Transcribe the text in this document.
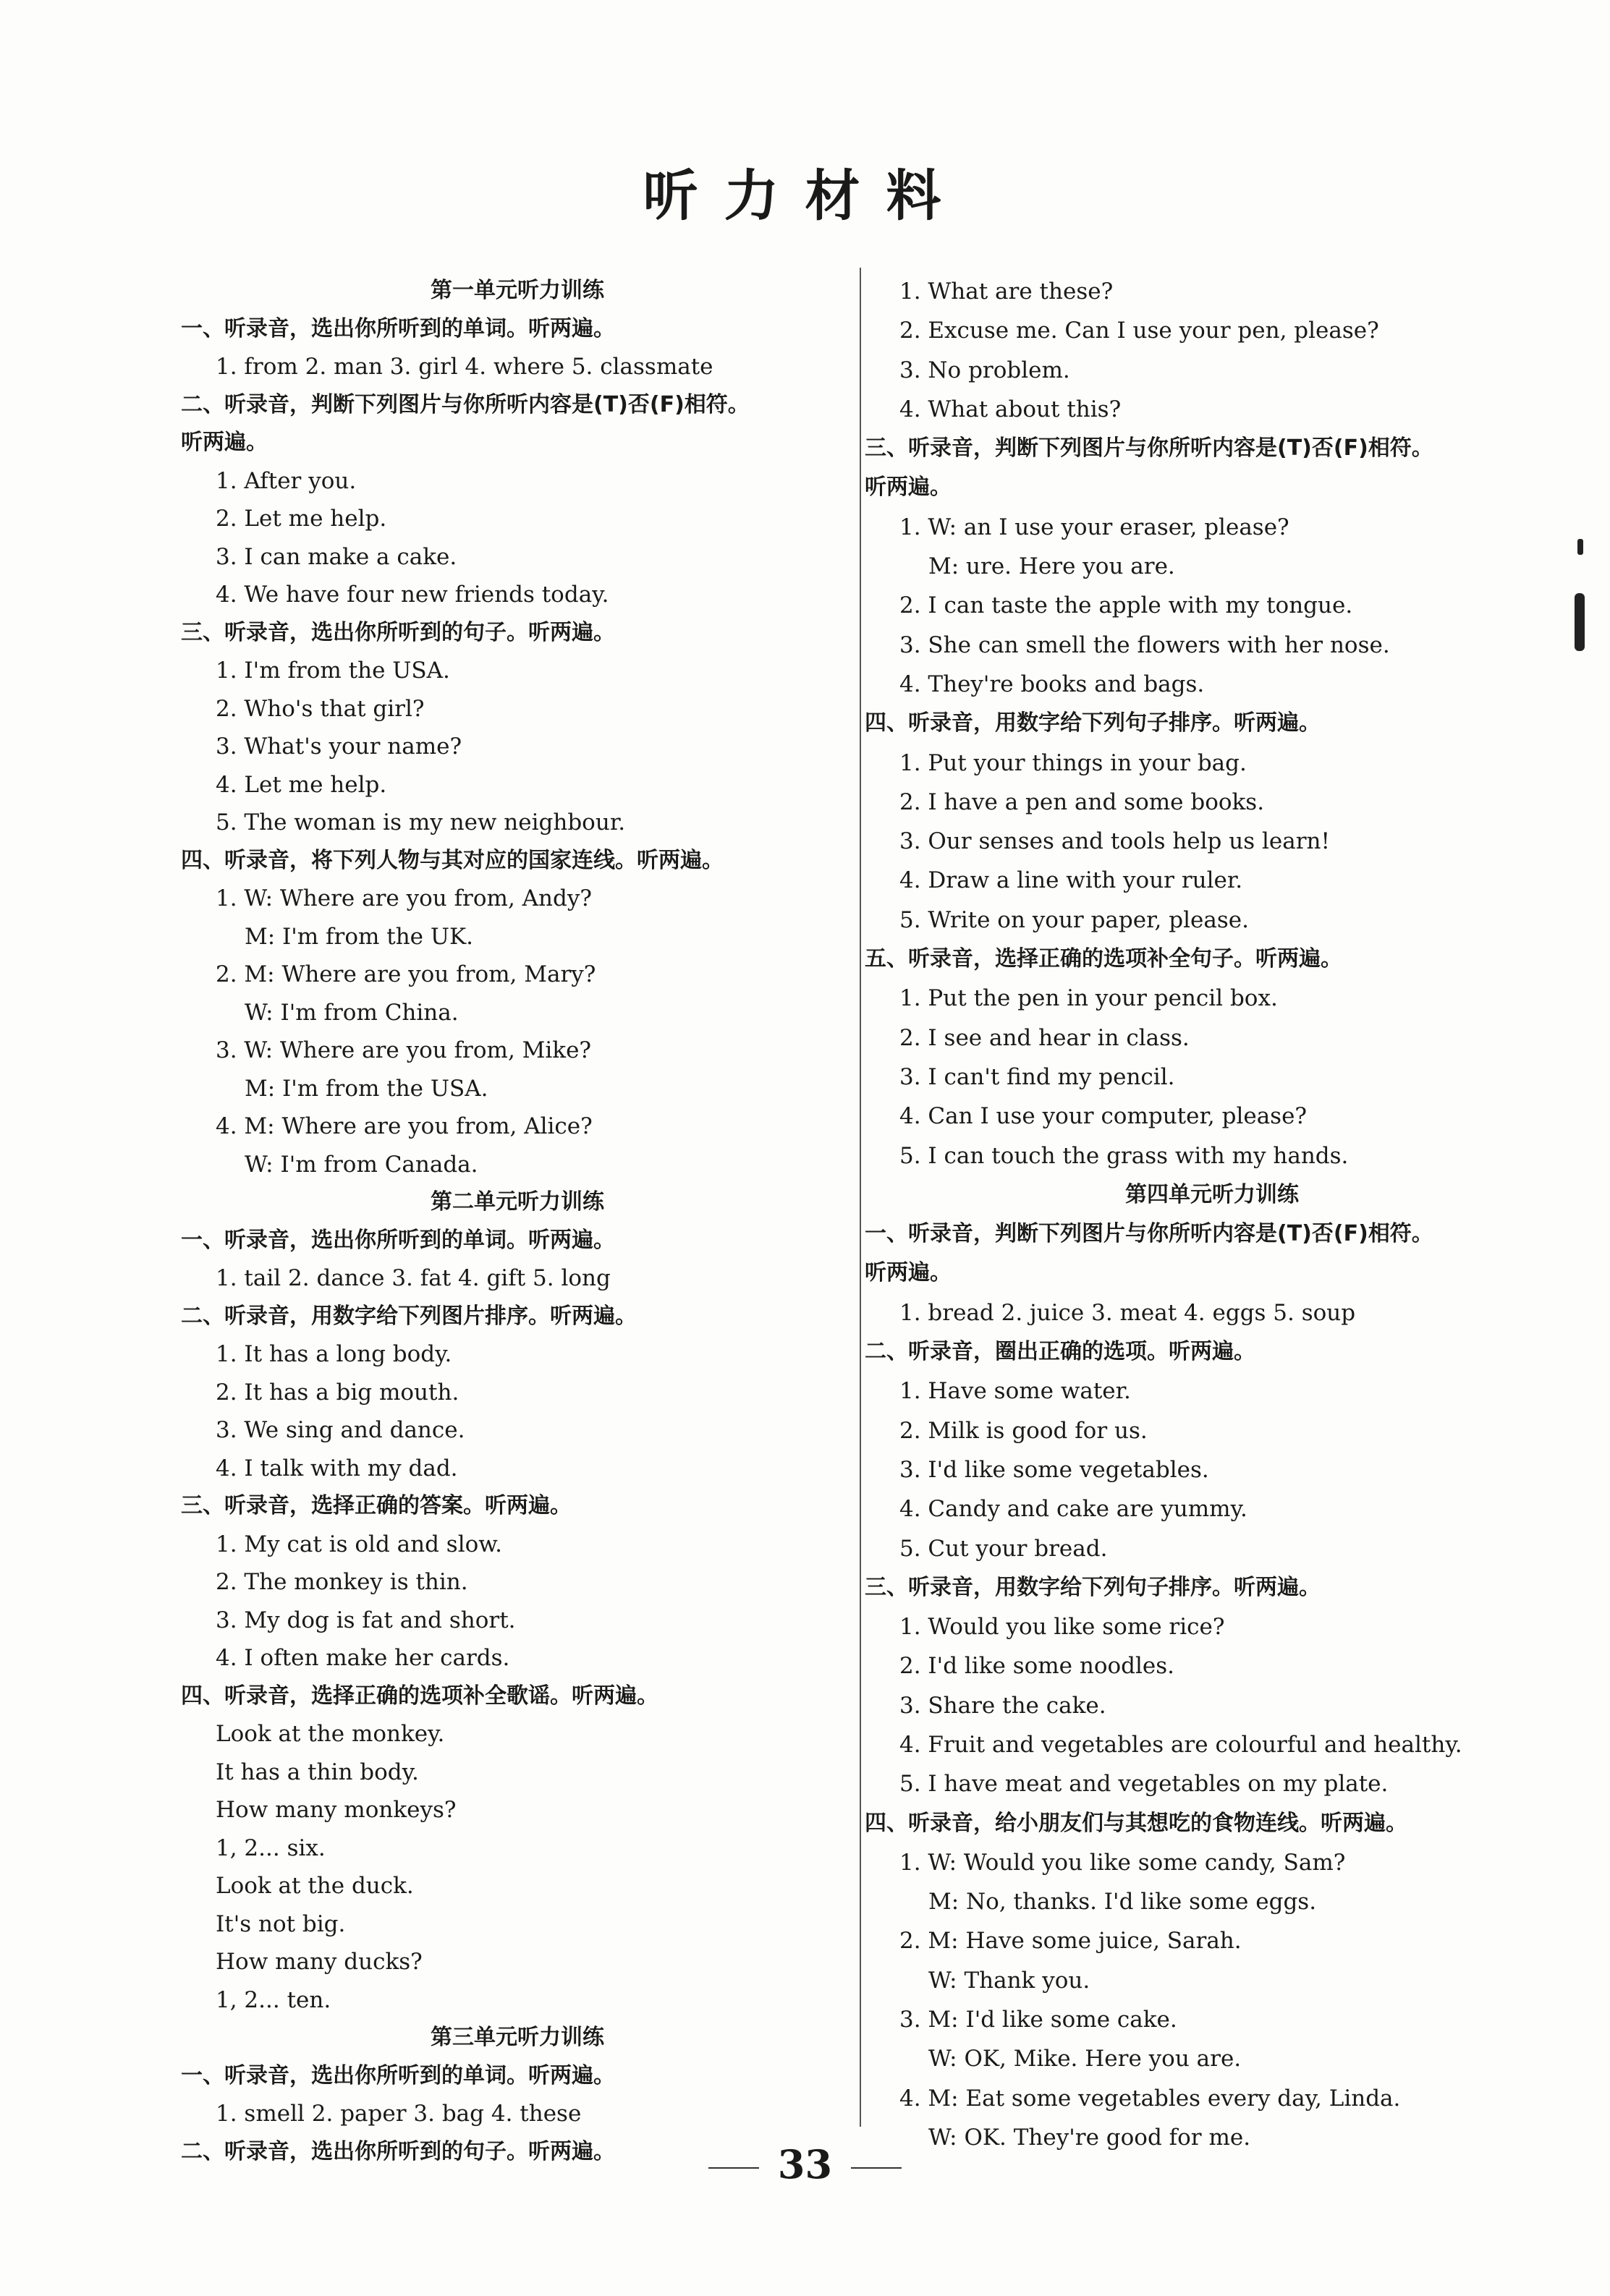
听力材料
第一单元听力训练
一、听录音，选出你所听到的单词。听两遍。
1. from 2. man 3. girl 4. where 5. classmate
二、听录音，判断下列图片与你所听内容是(T)否(F)相符。
听两遍。
1. After you.
2. Let me help.
3. I can make a cake.
4. We have four new friends today.
三、听录音，选出你所听到的句子。听两遍。
1. I'm from the USA.
2. Who's that girl?
3. What's your name?
4. Let me help.
5. The woman is my new neighbour.
四、听录音，将下列人物与其对应的国家连线。听两遍。
1. W: Where are you from, Andy?
M: I'm from the UK.
2. M: Where are you from, Mary?
W: I'm from China.
3. W: Where are you from, Mike?
M: I'm from the USA.
4. M: Where are you from, Alice?
W: I'm from Canada.
第二单元听力训练
一、听录音，选出你所听到的单词。听两遍。
1. tail 2. dance 3. fat 4. gift 5. long
二、听录音，用数字给下列图片排序。听两遍。
1. It has a long body.
2. It has a big mouth.
3. We sing and dance.
4. I talk with my dad.
三、听录音，选择正确的答案。听两遍。
1. My cat is old and slow.
2. The monkey is thin.
3. My dog is fat and short.
4. I often make her cards.
四、听录音，选择正确的选项补全歌谣。听两遍。
Look at the monkey.
It has a thin body.
How many monkeys?
1, 2... six.
Look at the duck.
It's not big.
How many ducks?
1, 2... ten.
第三单元听力训练
一、听录音，选出你所听到的单词。听两遍。
1. smell 2. paper 3. bag 4. these
二、听录音，选出你所听到的句子。听两遍。
1. What are these?
2. Excuse me. Can I use your pen, please?
3. No problem.
4. What about this?
三、听录音，判断下列图片与你所听内容是(T)否(F)相符。
听两遍。
1. W: an I use your eraser, please?
M: ure. Here you are.
2. I can taste the apple with my tongue.
3. She can smell the flowers with her nose.
4. They're books and bags.
四、听录音，用数字给下列句子排序。听两遍。
1. Put your things in your bag.
2. I have a pen and some books.
3. Our senses and tools help us learn!
4. Draw a line with your ruler.
5. Write on your paper, please.
五、听录音，选择正确的选项补全句子。听两遍。
1. Put the pen in your pencil box.
2. I see and hear in class.
3. I can't find my pencil.
4. Can I use your computer, please?
5. I can touch the grass with my hands.
第四单元听力训练
一、听录音，判断下列图片与你所听内容是(T)否(F)相符。
听两遍。
1. bread 2. juice 3. meat 4. eggs 5. soup
二、听录音，圈出正确的选项。听两遍。
1. Have some water.
2. Milk is good for us.
3. I'd like some vegetables.
4. Candy and cake are yummy.
5. Cut your bread.
三、听录音，用数字给下列句子排序。听两遍。
1. Would you like some rice?
2. I'd like some noodles.
3. Share the cake.
4. Fruit and vegetables are colourful and healthy.
5. I have meat and vegetables on my plate.
四、听录音，给小朋友们与其想吃的食物连线。听两遍。
1. W: Would you like some candy, Sam?
M: No, thanks. I'd like some eggs.
2. M: Have some juice, Sarah.
W: Thank you.
3. M: I'd like some cake.
W: OK, Mike. Here you are.
4. M: Eat some vegetables every day, Linda.
W: OK. They're good for me.
33
